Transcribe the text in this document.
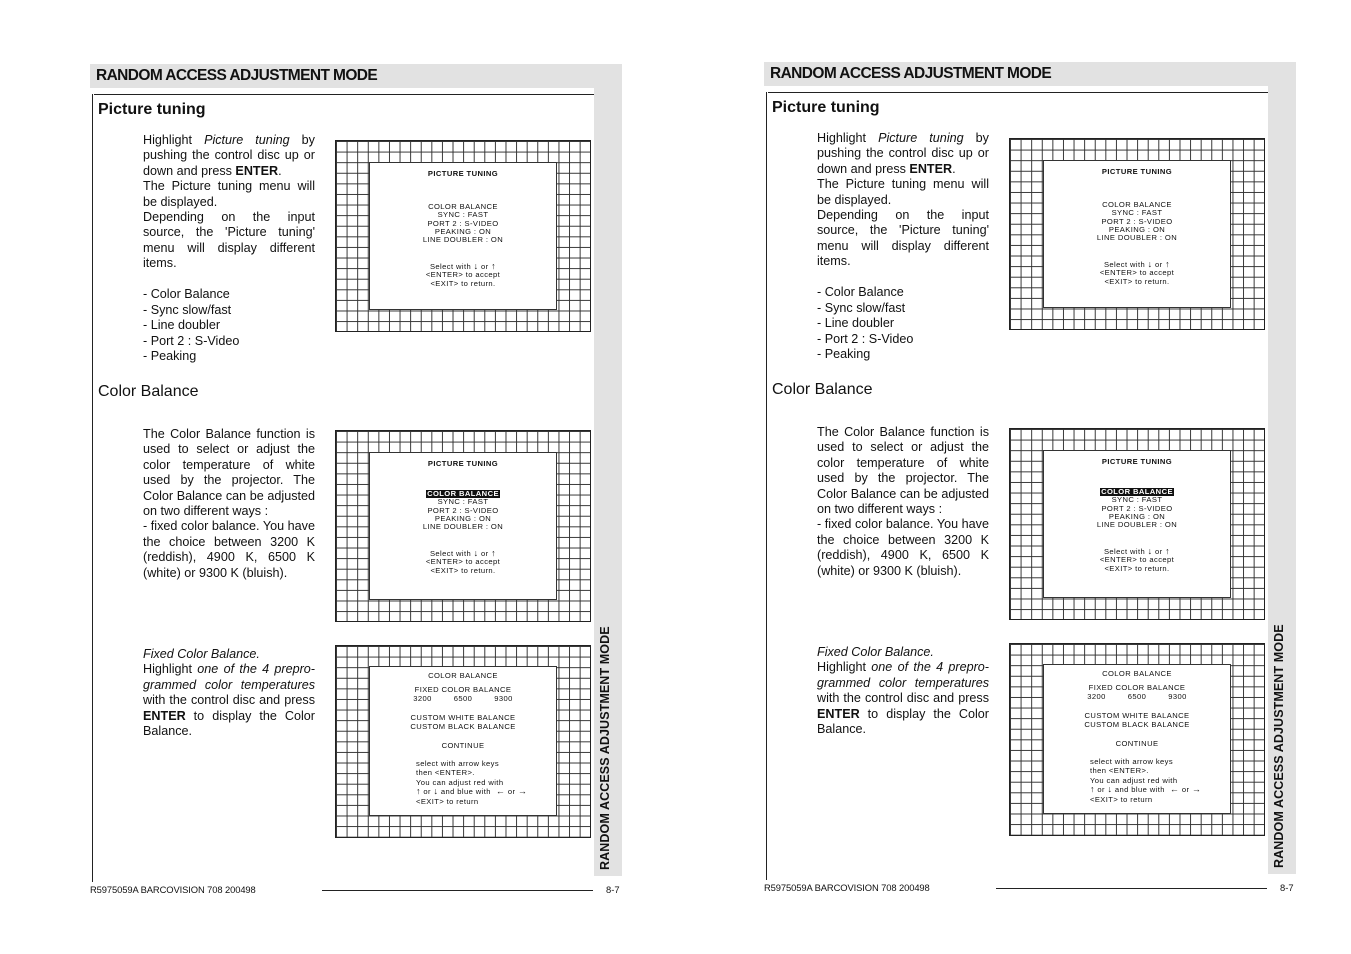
RANDOM ACCESS ADJUSTMENT MODE
RANDOM ACCESS ADJUSTMENT MODE
Picture tuning

Highlight Picture tuning by pushing the control disc up or down and press ENTER.

The Picture tuning menu will be displayed.

Depending on the input source, the 'Picture tuning' menu will display different items.

- Color Balance
- Sync slow/fast
- Line doubler
- Port 2 : S-Video
- Peaking
Color Balance

The Color Balance function is used to select or adjust the color temperature of white used by the projector. The Color Balance can be adjusted on two different ways :

- fixed color balance. You have the choice between 3200 K (reddish), 4900 K, 6500 K (white) or 9300 K (bluish).

Fixed Color Balance.

Highlight one of the 4 prepro-grammed color temperatures with the control disc and press ENTER to display the Color Balance.

PICTURE TUNING
COLOR BALANCE
SYNC : FAST
PORT 2 : S-VIDEO
PEAKING : ON
LINE DOUBLER : ON
Select with ↓ or ↑
<ENTER> to accept
<EXIT> to return.
PICTURE TUNING
COLOR BALANCE
SYNC : FAST
PORT 2 : S-VIDEO
PEAKING : ON
LINE DOUBLER : ON
Select with ↓ or ↑
<ENTER> to accept
<EXIT> to return.
COLOR BALANCE
FIXED COLOR BALANCE
3200	6500	9300
CUSTOM WHITE BALANCE
CUSTOM BLACK BALANCE
CONTINUE
select with arrow keys
then <ENTER>.
You can adjust red with
↑ or ↓ and blue with ← or →
<EXIT> to return
R5975059A BARCOVISION 708 200498	8-7
RANDOM ACCESS ADJUSTMENT MODE
RANDOM ACCESS ADJUSTMENT MODE
Picture tuning

Highlight Picture tuning by pushing the control disc up or down and press ENTER.

The Picture tuning menu will be displayed.

Depending on the input source, the 'Picture tuning' menu will display different items.

- Color Balance
- Sync slow/fast
- Line doubler
- Port 2 : S-Video
- Peaking
Color Balance

The Color Balance function is used to select or adjust the color temperature of white used by the projector. The Color Balance can be adjusted on two different ways :

- fixed color balance. You have the choice between 3200 K (reddish), 4900 K, 6500 K (white) or 9300 K (bluish).

Fixed Color Balance.

Highlight one of the 4 prepro-grammed color temperatures with the control disc and press ENTER to display the Color Balance.

PICTURE TUNING
COLOR BALANCE
SYNC : FAST
PORT 2 : S-VIDEO
PEAKING : ON
LINE DOUBLER : ON
Select with ↓ or ↑
<ENTER> to accept
<EXIT> to return.
PICTURE TUNING
COLOR BALANCE
SYNC : FAST
PORT 2 : S-VIDEO
PEAKING : ON
LINE DOUBLER : ON
Select with ↓ or ↑
<ENTER> to accept
<EXIT> to return.
COLOR BALANCE
FIXED COLOR BALANCE
3200	6500	9300
CUSTOM WHITE BALANCE
CUSTOM BLACK BALANCE
CONTINUE
select with arrow keys
then <ENTER>.
You can adjust red with
↑ or ↓ and blue with ← or →
<EXIT> to return
R5975059A BARCOVISION 708 200498	8-7
